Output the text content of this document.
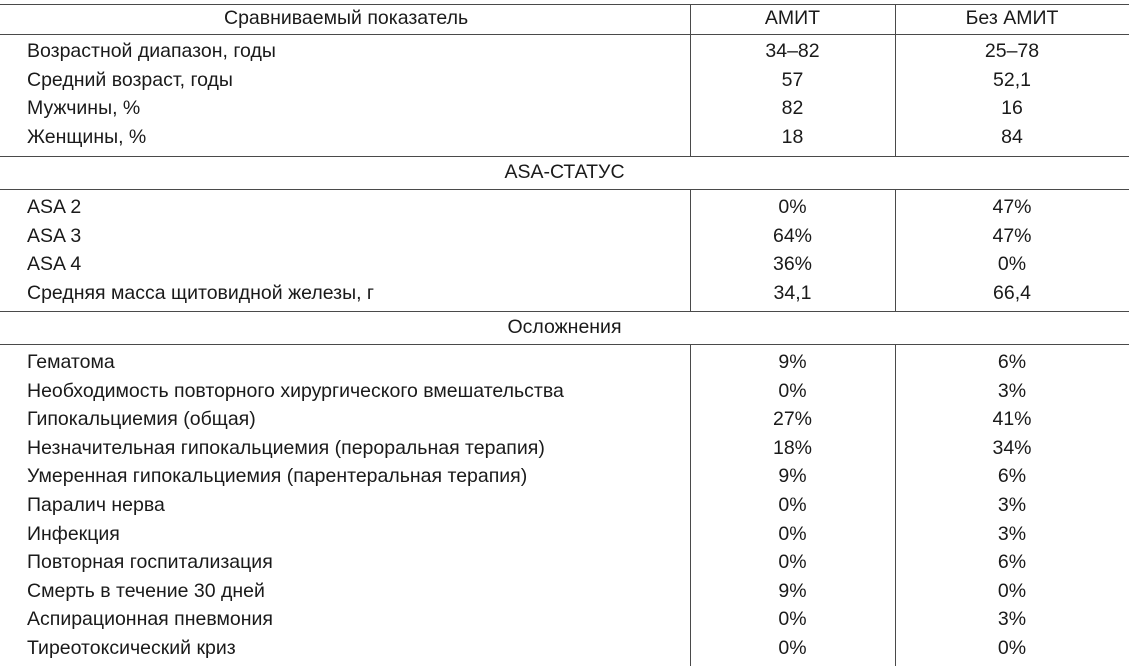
Сравниваемый показатель	АМИТ	Без АМИТ
Возрастной диапазон, годы	34–82	25–78
Средний возраст, годы	57	52,1
Мужчины, %	82	16
Женщины, %	18	84
ASA-СТАТУС
ASA 2	0%	47%
ASA 3	64%	47%
ASA 4	36%	0%
Средняя масса щитовидной железы, г	34,1	66,4
Осложнения
Гематома	9%	6%
Необходимость повторного хирургического вмешательства	0%	3%
Гипокальциемия (общая)	27%	41%
Незначительная гипокальциемия (пероральная терапия)	18%	34%
Умеренная гипокальциемия (парентеральная терапия)	9%	6%
Паралич нерва	0%	3%
Инфекция	0%	3%
Повторная госпитализация	0%	6%
Смерть в течение 30 дней	9%	0%
Аспирационная пневмония	0%	3%
Тиреотоксический криз	0%	0%
